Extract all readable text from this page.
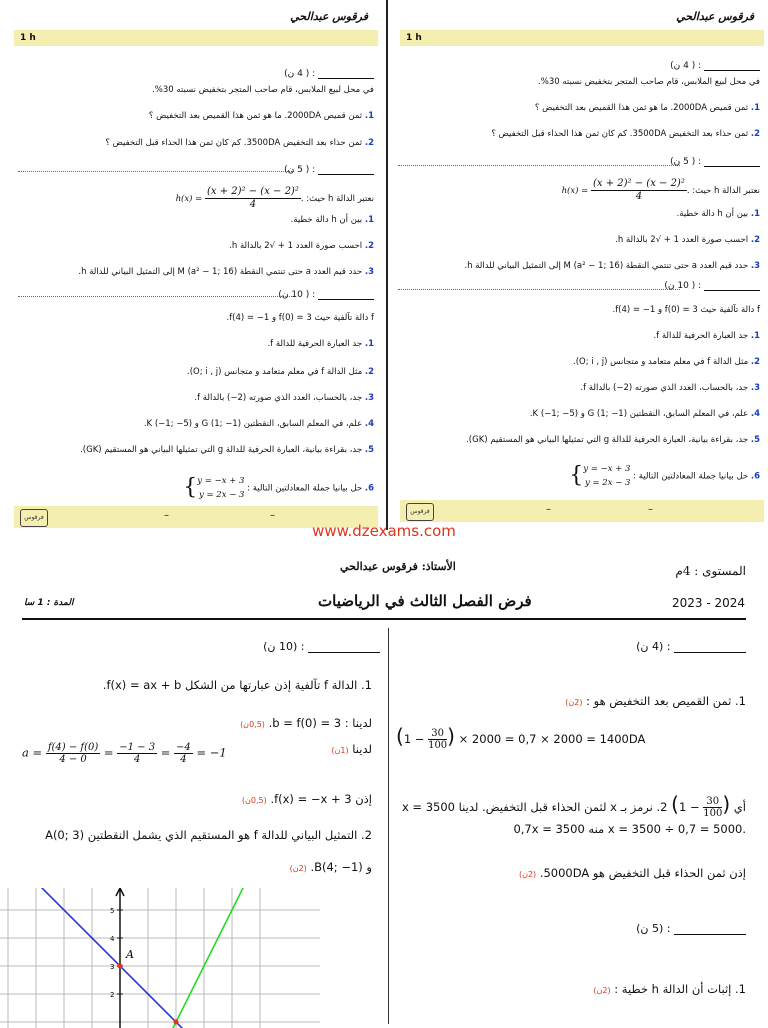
فرقوس عبدالحي
1 h
: ( 4 ن)
في محل لبيع الملابس، قام صاحب المتجر بتخفيض نسبته 30%.
1. ثمن قميص 2000DA. ما هو ثمن هذا القميص بعد التخفيض ؟
2. ثمن حذاء بعد التخفيض 3500DA. كم كان ثمن هذا الحذاء قبل التخفيض ؟
: ( 5 ن)
نعتبر الدالة h حيث: $h(x) = \frac{\text{(x + 2)² − (x − 2)²}}{4}$ .
1. بين أن h دالة خطية.
2. احسب صورة العدد 1 + √2 بالدالة h.
3. حدد قيم العدد a حتى تنتمي النقطة M (a² − 1; 16) إلى التمثيل البياني للدالة h.
: ( 10 ن)
f دالة تآلفية حيث f(0) = 3 و f(4) = −1.
1. جد العبارة الحرفية للدالة f.
2. مثل الدالة f في معلم متعامد و متجانس (O; i , j).
3. جد، بالحساب، العدد الذي صورته (2−) بالدالة f.
4. علم، في المعلم السابق، النقطتين G (1; −1) و K (−1; −5).
5. جد، بقراءة بيانية، العبارة الحرفية للدالة g التي تمثيلها البياني هو المستقيم (GK).
6. حل بيانيا جملة المعادلتين التالية : { y = −x + 3
y = 2x − 3
فرقوس	–	–
فرقوس عبدالحي
1 h
: ( 4 ن)
في محل لبيع الملابس، قام صاحب المتجر بتخفيض نسبته 30%.
1. ثمن قميص 2000DA. ما هو ثمن هذا القميص بعد التخفيض ؟
2. ثمن حذاء بعد التخفيض 3500DA. كم كان ثمن هذا الحذاء قبل التخفيض ؟
: ( 5 ن)
نعتبر الدالة h حيث: $h(x) = \frac{\text{(x + 2)² − (x − 2)²}}{4}$ .
1. بين أن h دالة خطية.
2. احسب صورة العدد 1 + √2 بالدالة h.
3. حدد قيم العدد a حتى تنتمي النقطة M (a² − 1; 16) إلى التمثيل البياني للدالة h.
: ( 10 ن)
f دالة تآلفية حيث f(0) = 3 و f(4) = −1.
1. جد العبارة الحرفية للدالة f.
2. مثل الدالة f في معلم متعامد و متجانس (O; i , j).
3. جد، بالحساب، العدد الذي صورته (2−) بالدالة f.
4. علم، في المعلم السابق، النقطتين G (1; −1) و K (−1; −5).
5. جد، بقراءة بيانية، العبارة الحرفية للدالة g التي تمثيلها البياني هو المستقيم (GK).
6. حل بيانيا جملة المعادلتين التالية : { y = −x + 3
y = 2x − 3
فرقوس	–	–
www.dzexams.com
المستوى : 4م
الأستاذ: فرقوس عبدالحي
2023 - 2024
فرض الفصل الثالث في الرياضيات
المدة : 1 سا
: (4 ن)
1. ثمن القميص بعد التخفيض هو : (2ن)
($1 - \frac{30}{100}$ ) × 2000 = 0,7 × 2000 = 1400DA
أي ($1 - \frac{30}{100}$ ) 2. نرمز بـ x لثمن الحذاء قبل التخفيض. لدينا 3500 = x
.x = 3500 ÷ 0,7 = 5000 منه 0,7x = 3500
إذن ثمن الحذاء قبل التخفيض هو 5000DA. (2ن)
: (5 ن)
1. إثبات أن الدالة h خطية : (2ن)
: (10 ن)
1. الدالة f تآلفية إذن عبارتها من الشكل f(x) = ax + b.
لدينا : b = f(0) = 3. (0,5ن)
لدينا (1ن)
$a = \frac{f(4) - f(0)}{4 - 0} = \frac{-1 - 3}{4} = \frac{-4}{4} = -1$
إذن f(x) = −x + 3. (0,5ن)
2. التمثيل البياني للدالة f هو المستقيم الذي يشمل النقطتين A(0; 3)
و B(4; −1). (2ن)
5
4
3
2
A
